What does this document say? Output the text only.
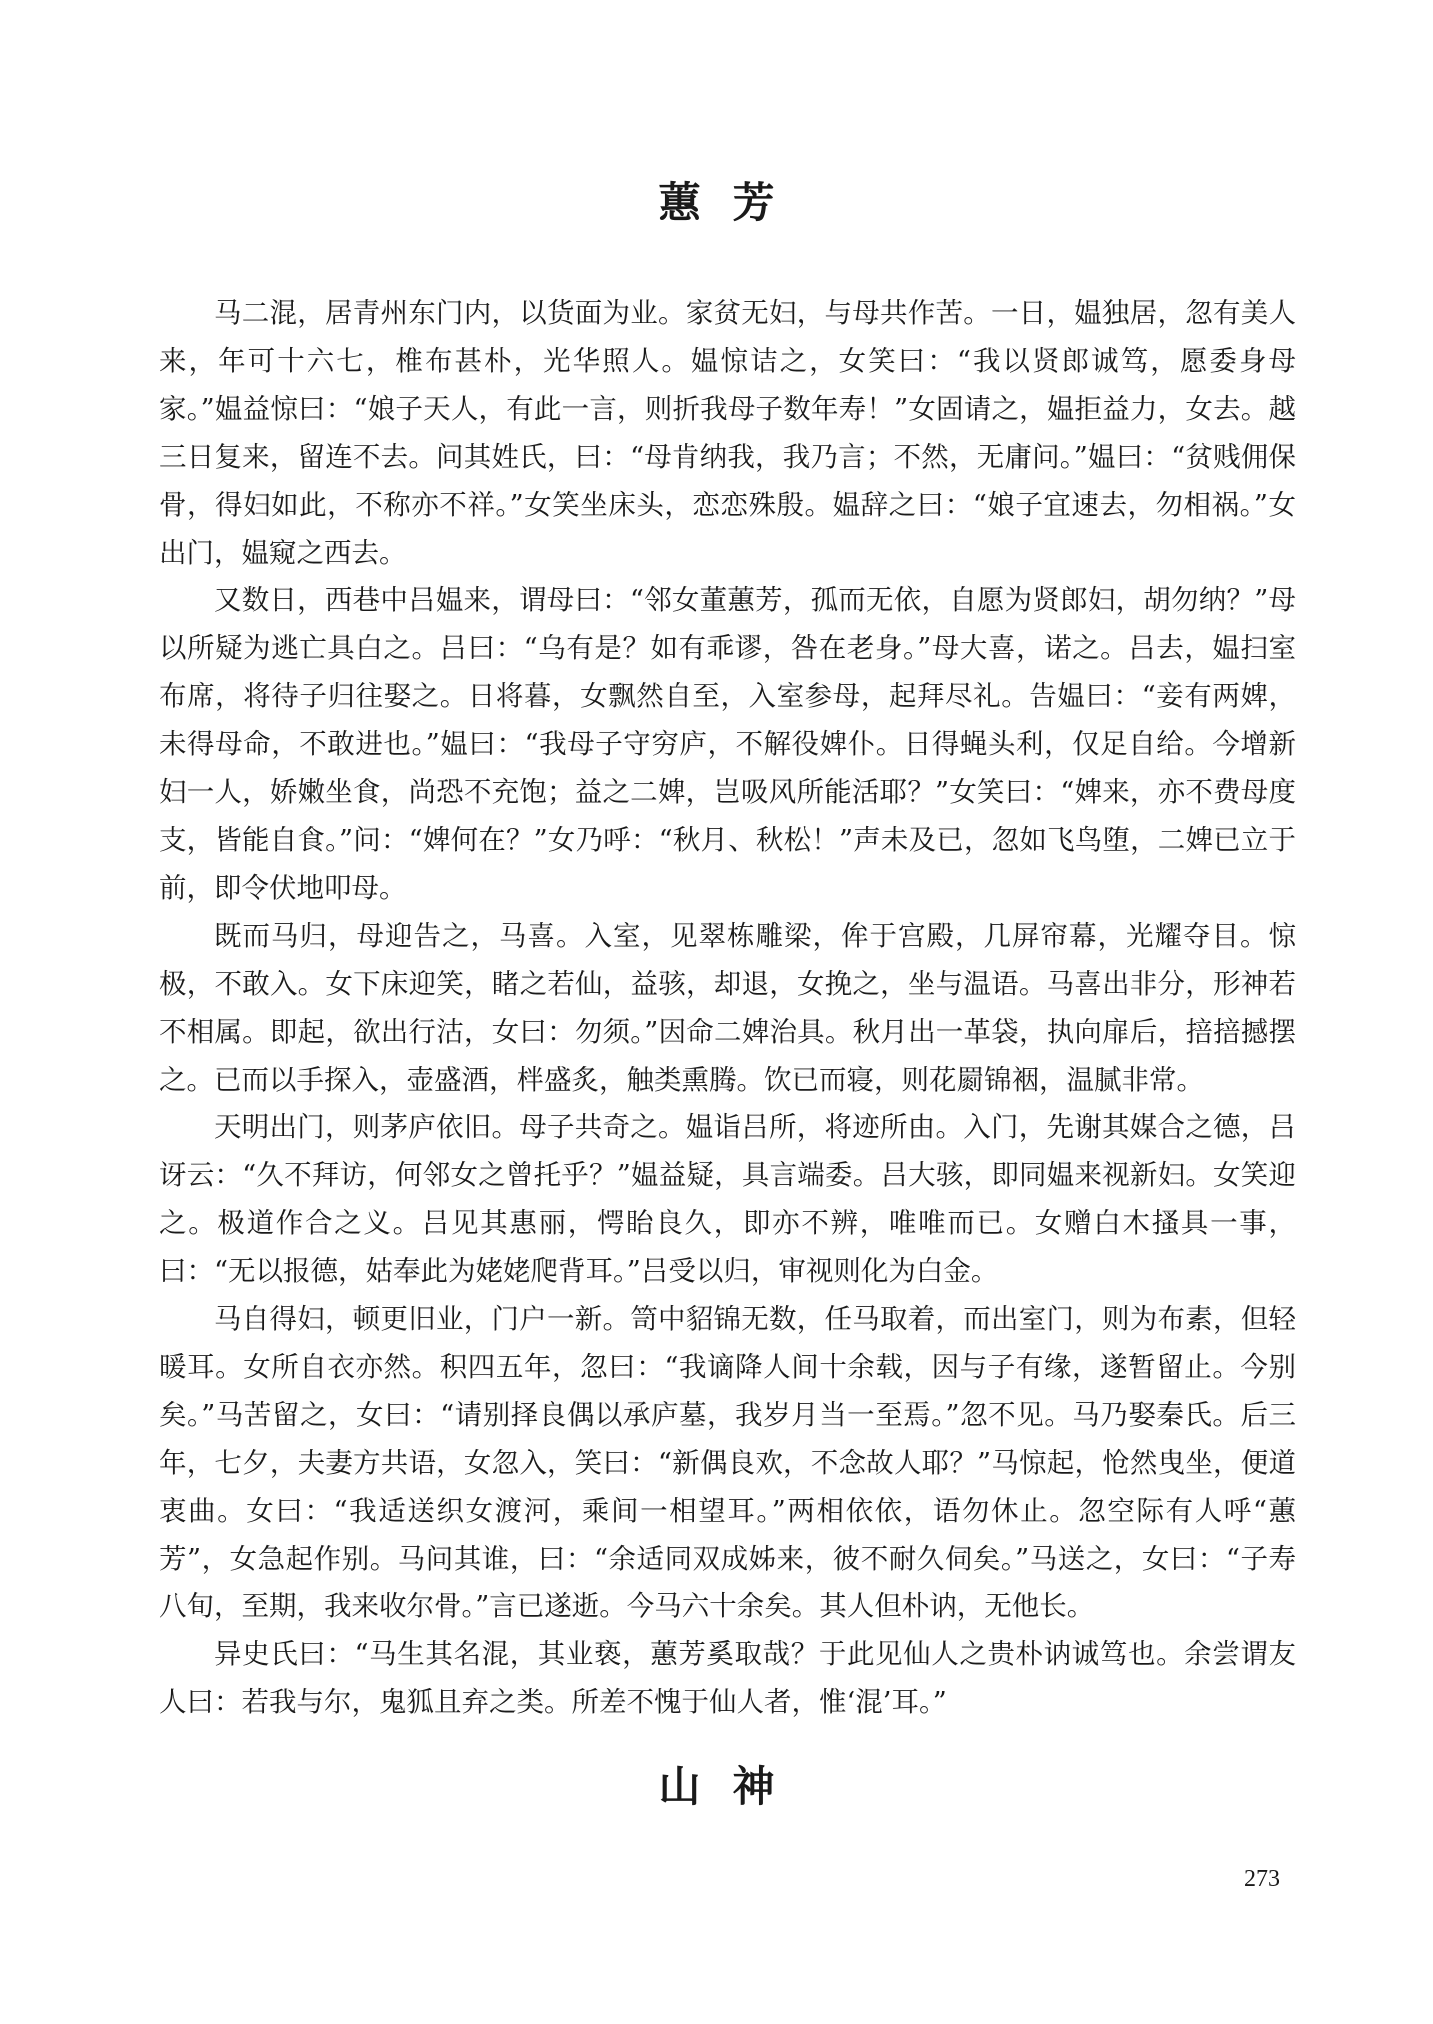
蕙芳

马二混，居青州东门内，以货面为业。家贫无妇，与母共作苦。一日，媪独居，忽有美人来，年可十六七，椎布甚朴，光华照人。媪惊诘之，女笑曰：“我以贤郎诚笃，愿委身母家。”媪益惊曰：“娘子天人，有此一言，则折我母子数年寿！”女固请之，媪拒益力，女去。越三日复来，留连不去。问其姓氏，曰：“母肯纳我，我乃言；不然，无庸问。”媪曰：“贫贱佣保骨，得妇如此，不称亦不祥。”女笑坐床头，恋恋殊殷。媪辞之曰：“娘子宜速去，勿相祸。”女出门，媪窥之西去。

又数日，西巷中吕媪来，谓母曰：“邻女董蕙芳，孤而无依，自愿为贤郎妇，胡勿纳？”母以所疑为逃亡具白之。吕曰：“乌有是？如有乖谬，咎在老身。”母大喜，诺之。吕去，媪扫室布席，将待子归往娶之。日将暮，女飘然自至，入室参母，起拜尽礼。告媪曰：“妾有两婢，未得母命，不敢进也。”媪曰：“我母子守穷庐，不解役婢仆。日得蝇头利，仅足自给。今增新妇一人，娇嫩坐食，尚恐不充饱；益之二婢，岂吸风所能活耶？”女笑曰：“婢来，亦不费母度支，皆能自食。”问：“婢何在？”女乃呼：“秋月、秋松！”声未及已，忽如飞鸟堕，二婢已立于前，即令伏地叩母。

既而马归，母迎告之，马喜。入室，见翠栋雕梁，侔于宫殿，几屏帘幕，光耀夺目。惊极，不敢入。女下床迎笑，睹之若仙，益骇，却退，女挽之，坐与温语。马喜出非分，形神若不相属。即起，欲出行沽，女曰：勿须。”因命二婢治具。秋月出一革袋，执向扉后，掊掊撼摆之。已而以手探入，壶盛酒，柈盛炙，触类熏腾。饮已而寝，则花罽锦裀，温腻非常。

天明出门，则茅庐依旧。母子共奇之。媪诣吕所，将迹所由。入门，先谢其媒合之德，吕讶云：“久不拜访，何邻女之曾托乎？”媪益疑，具言端委。吕大骇，即同媪来视新妇。女笑迎之。极道作合之义。吕见其惠丽，愕眙良久，即亦不辨，唯唯而已。女赠白木搔具一事，曰：“无以报德，姑奉此为姥姥爬背耳。”吕受以归，审视则化为白金。

马自得妇，顿更旧业，门户一新。笥中貂锦无数，任马取着，而出室门，则为布素，但轻暖耳。女所自衣亦然。积四五年，忽曰：“我谪降人间十余载，因与子有缘，遂暂留止。今别矣。”马苦留之，女曰：“请别择良偶以承庐墓，我岁月当一至焉。”忽不见。马乃娶秦氏。后三年，七夕，夫妻方共语，女忽入，笑曰：“新偶良欢，不念故人耶？”马惊起，怆然曳坐，便道衷曲。女曰：“我适送织女渡河，乘间一相望耳。”两相依依，语勿休止。忽空际有人呼“蕙芳”，女急起作别。马问其谁，曰：“余适同双成姊来，彼不耐久伺矣。”马送之，女曰：“子寿八旬，至期，我来收尔骨。”言已遂逝。今马六十余矣。其人但朴讷，无他长。

异史氏曰：“马生其名混，其业亵，蕙芳奚取哉？于此见仙人之贵朴讷诚笃也。余尝谓友人曰：若我与尔，鬼狐且弃之类。所差不愧于仙人者，惟‘混’耳。”

山神
273
